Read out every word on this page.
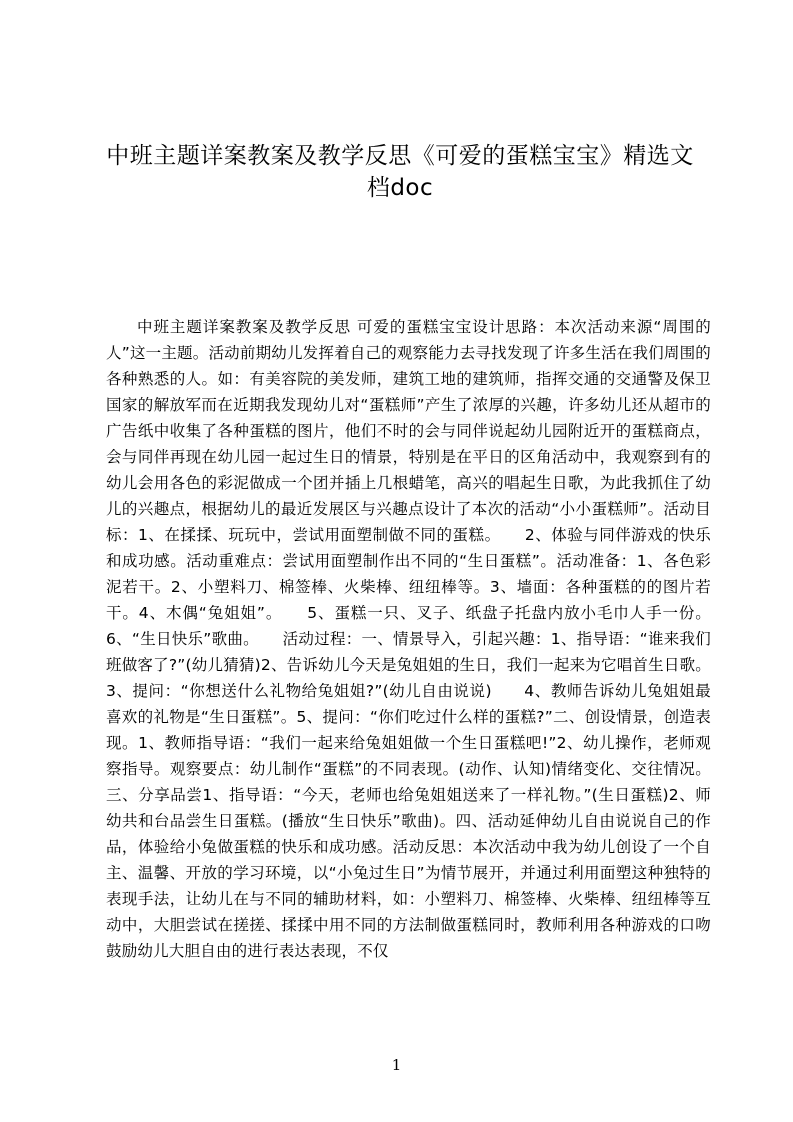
中班主题详案教案及教学反思《可爱的蛋糕宝宝》精选文档doc

中班主题详案教案及教学反思 可爱的蛋糕宝宝设计思路：本次活动来源“周围的人”这一主题。活动前期幼儿发挥着自己的观察能力去寻找发现了许多生活在我们周围的各种熟悉的人。如：有美容院的美发师，建筑工地的建筑师，指挥交通的交通警及保卫国家的解放军而在近期我发现幼儿对“蛋糕师”产生了浓厚的兴趣，许多幼儿还从超市的广告纸中收集了各种蛋糕的图片，他们不时的会与同伴说起幼儿园附近开的蛋糕商点，会与同伴再现在幼儿园一起过生日的情景，特别是在平日的区角活动中，我观察到有的幼儿会用各色的彩泥做成一个团并插上几根蜡笔，高兴的唱起生日歌，为此我抓住了幼儿的兴趣点，根据幼儿的最近发展区与兴趣点设计了本次的活动“小小蛋糕师”。活动目标：1、在揉揉、玩玩中，尝试用面塑制做不同的蛋糕。　　2、体验与同伴游戏的快乐和成功感。活动重难点：尝试用面塑制作出不同的“生日蛋糕”。活动准备：1、各色彩泥若干。2、小塑料刀、棉签棒、火柴棒、纽纽棒等。3、墙面：各种蛋糕的的图片若干。4、木偶“兔姐姐”。　　5、蛋糕一只、叉子、纸盘子托盘内放小毛巾人手一份。6、“生日快乐”歌曲。　　活动过程：一、情景导入，引起兴趣：1、指导语：“谁来我们班做客了?”(幼儿猜猜)2、告诉幼儿今天是兔姐姐的生日，我们一起来为它唱首生日歌。3、提问：“你想送什么礼物给兔姐姐?”(幼儿自由说说)　　4、教师告诉幼儿兔姐姐最喜欢的礼物是“生日蛋糕”。5、提问：“你们吃过什么样的蛋糕?”二、创设情景，创造表现。1、教师指导语：“我们一起来给兔姐姐做一个生日蛋糕吧!”2、幼儿操作，老师观察指导。观察要点：幼儿制作“蛋糕”的不同表现。(动作、认知)情绪变化、交往情况。三、分享品尝1、指导语：“今天，老师也给兔姐姐送来了一样礼物。”(生日蛋糕)2、师幼共和台品尝生日蛋糕。(播放“生日快乐”歌曲)。四、活动延伸幼儿自由说说自己的作品，体验给小兔做蛋糕的快乐和成功感。活动反思：本次活动中我为幼儿创设了一个自主、温馨、开放的学习环境，以“小兔过生日”为情节展开，并通过利用面塑这种独特的表现手法，让幼儿在与不同的辅助材料，如：小塑料刀、棉签棒、火柴棒、纽纽棒等互动中，大胆尝试在搓搓、揉揉中用不同的方法制做蛋糕同时，教师利用各种游戏的口吻鼓励幼儿大胆自由的进行表达表现，不仅

1
